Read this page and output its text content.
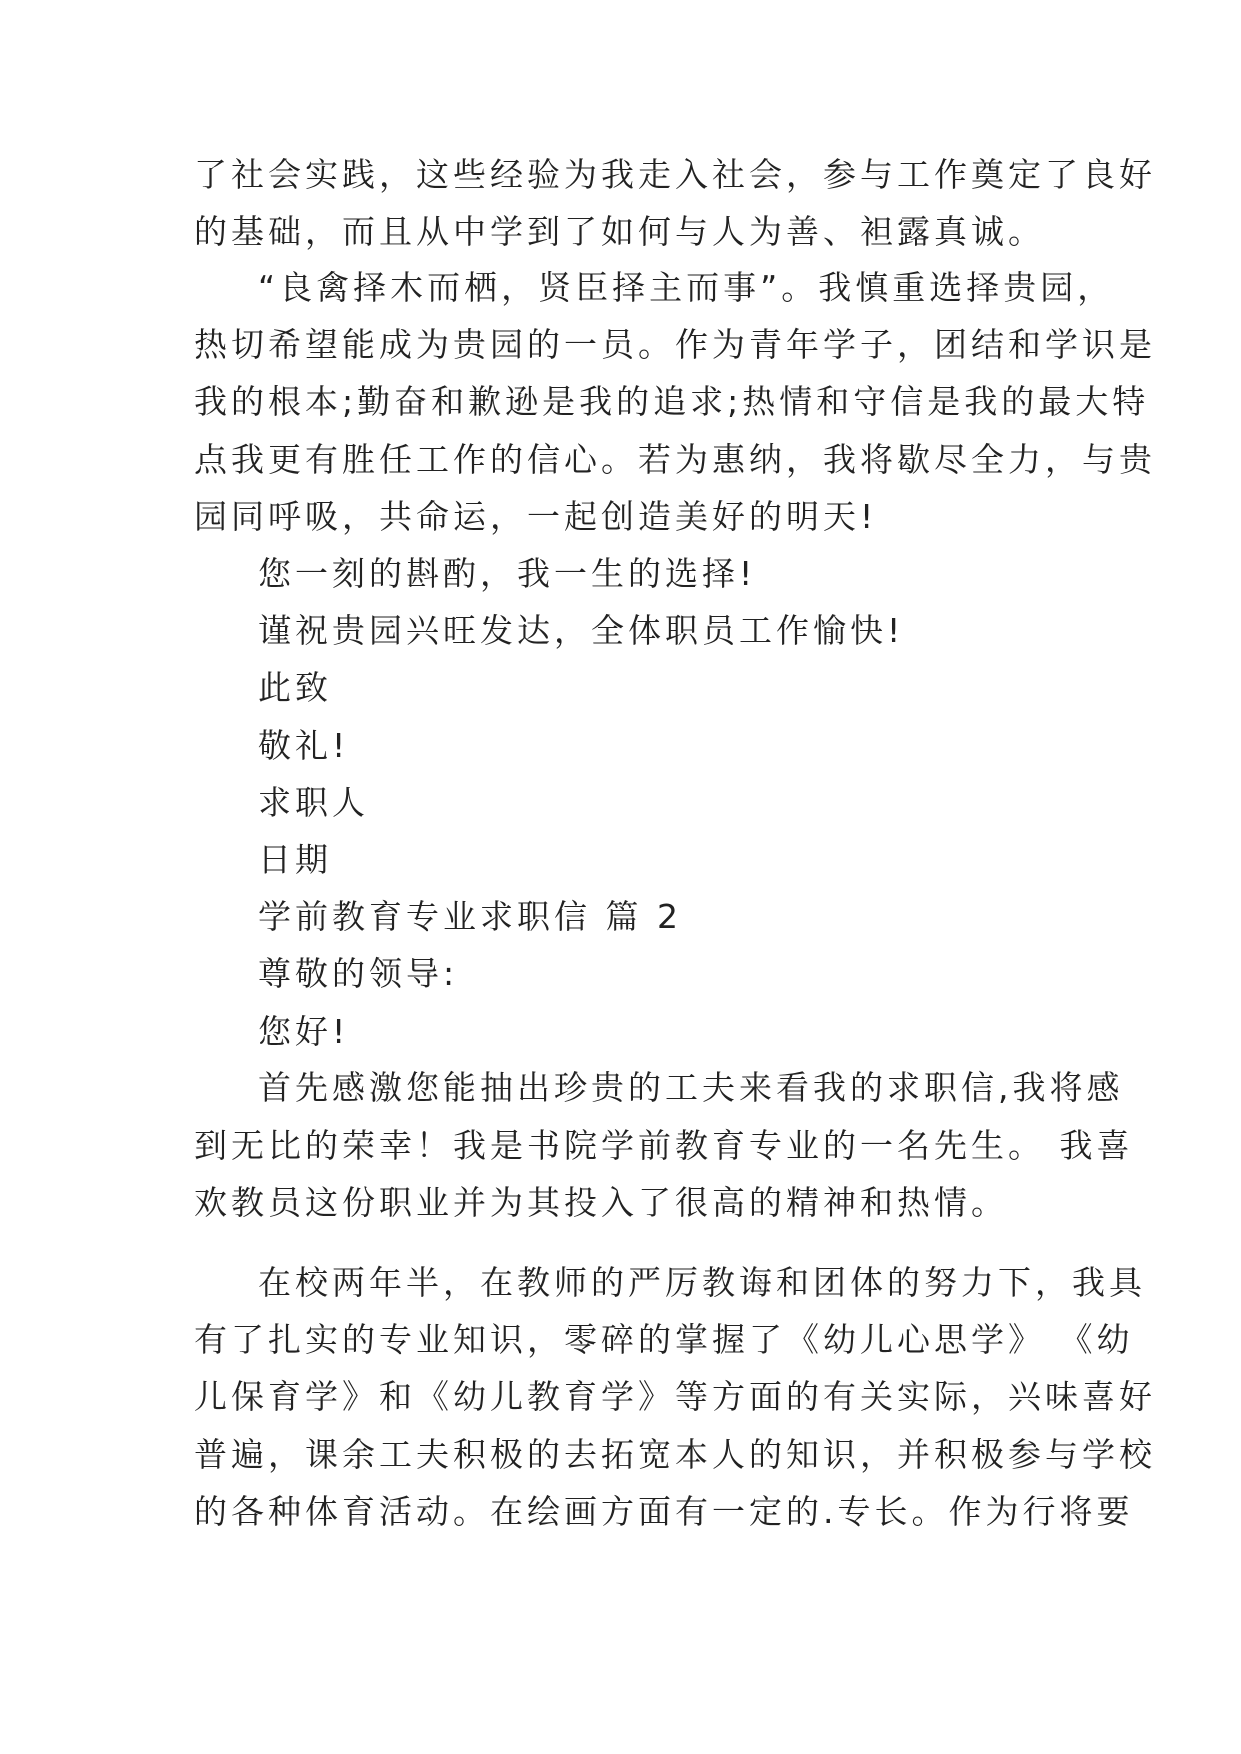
了社会实践，这些经验为我走入社会，参与工作奠定了良好
的基础，而且从中学到了如何与人为善、袒露真诚。
“良禽择木而栖，贤臣择主而事”。我慎重选择贵园，
热切希望能成为贵园的一员。作为青年学子，团结和学识是
我的根本;勤奋和歉逊是我的追求;热情和守信是我的最大特
点我更有胜任工作的信心。若为惠纳，我将歇尽全力，与贵
园同呼吸，共命运，一起创造美好的明天!
您一刻的斟酌，我一生的选择!
谨祝贵园兴旺发达，全体职员工作愉快!
此致
敬礼!
求职人
日期
学前教育专业求职信 篇 2
尊敬的领导:
您好!
首先感激您能抽出珍贵的工夫来看我的求职信,我将感
到无比的荣幸！我是书院学前教育专业的一名先生。 我喜
欢教员这份职业并为其投入了很高的精神和热情。
在校两年半，在教师的严厉教诲和团体的努力下，我具
有了扎实的专业知识，零碎的掌握了《幼儿心思学》 《幼
儿保育学》和《幼儿教育学》等方面的有关实际，兴味喜好
普遍，课余工夫积极的去拓宽本人的知识，并积极参与学校
的各种体育活动。在绘画方面有一定的.专长。作为行将要
